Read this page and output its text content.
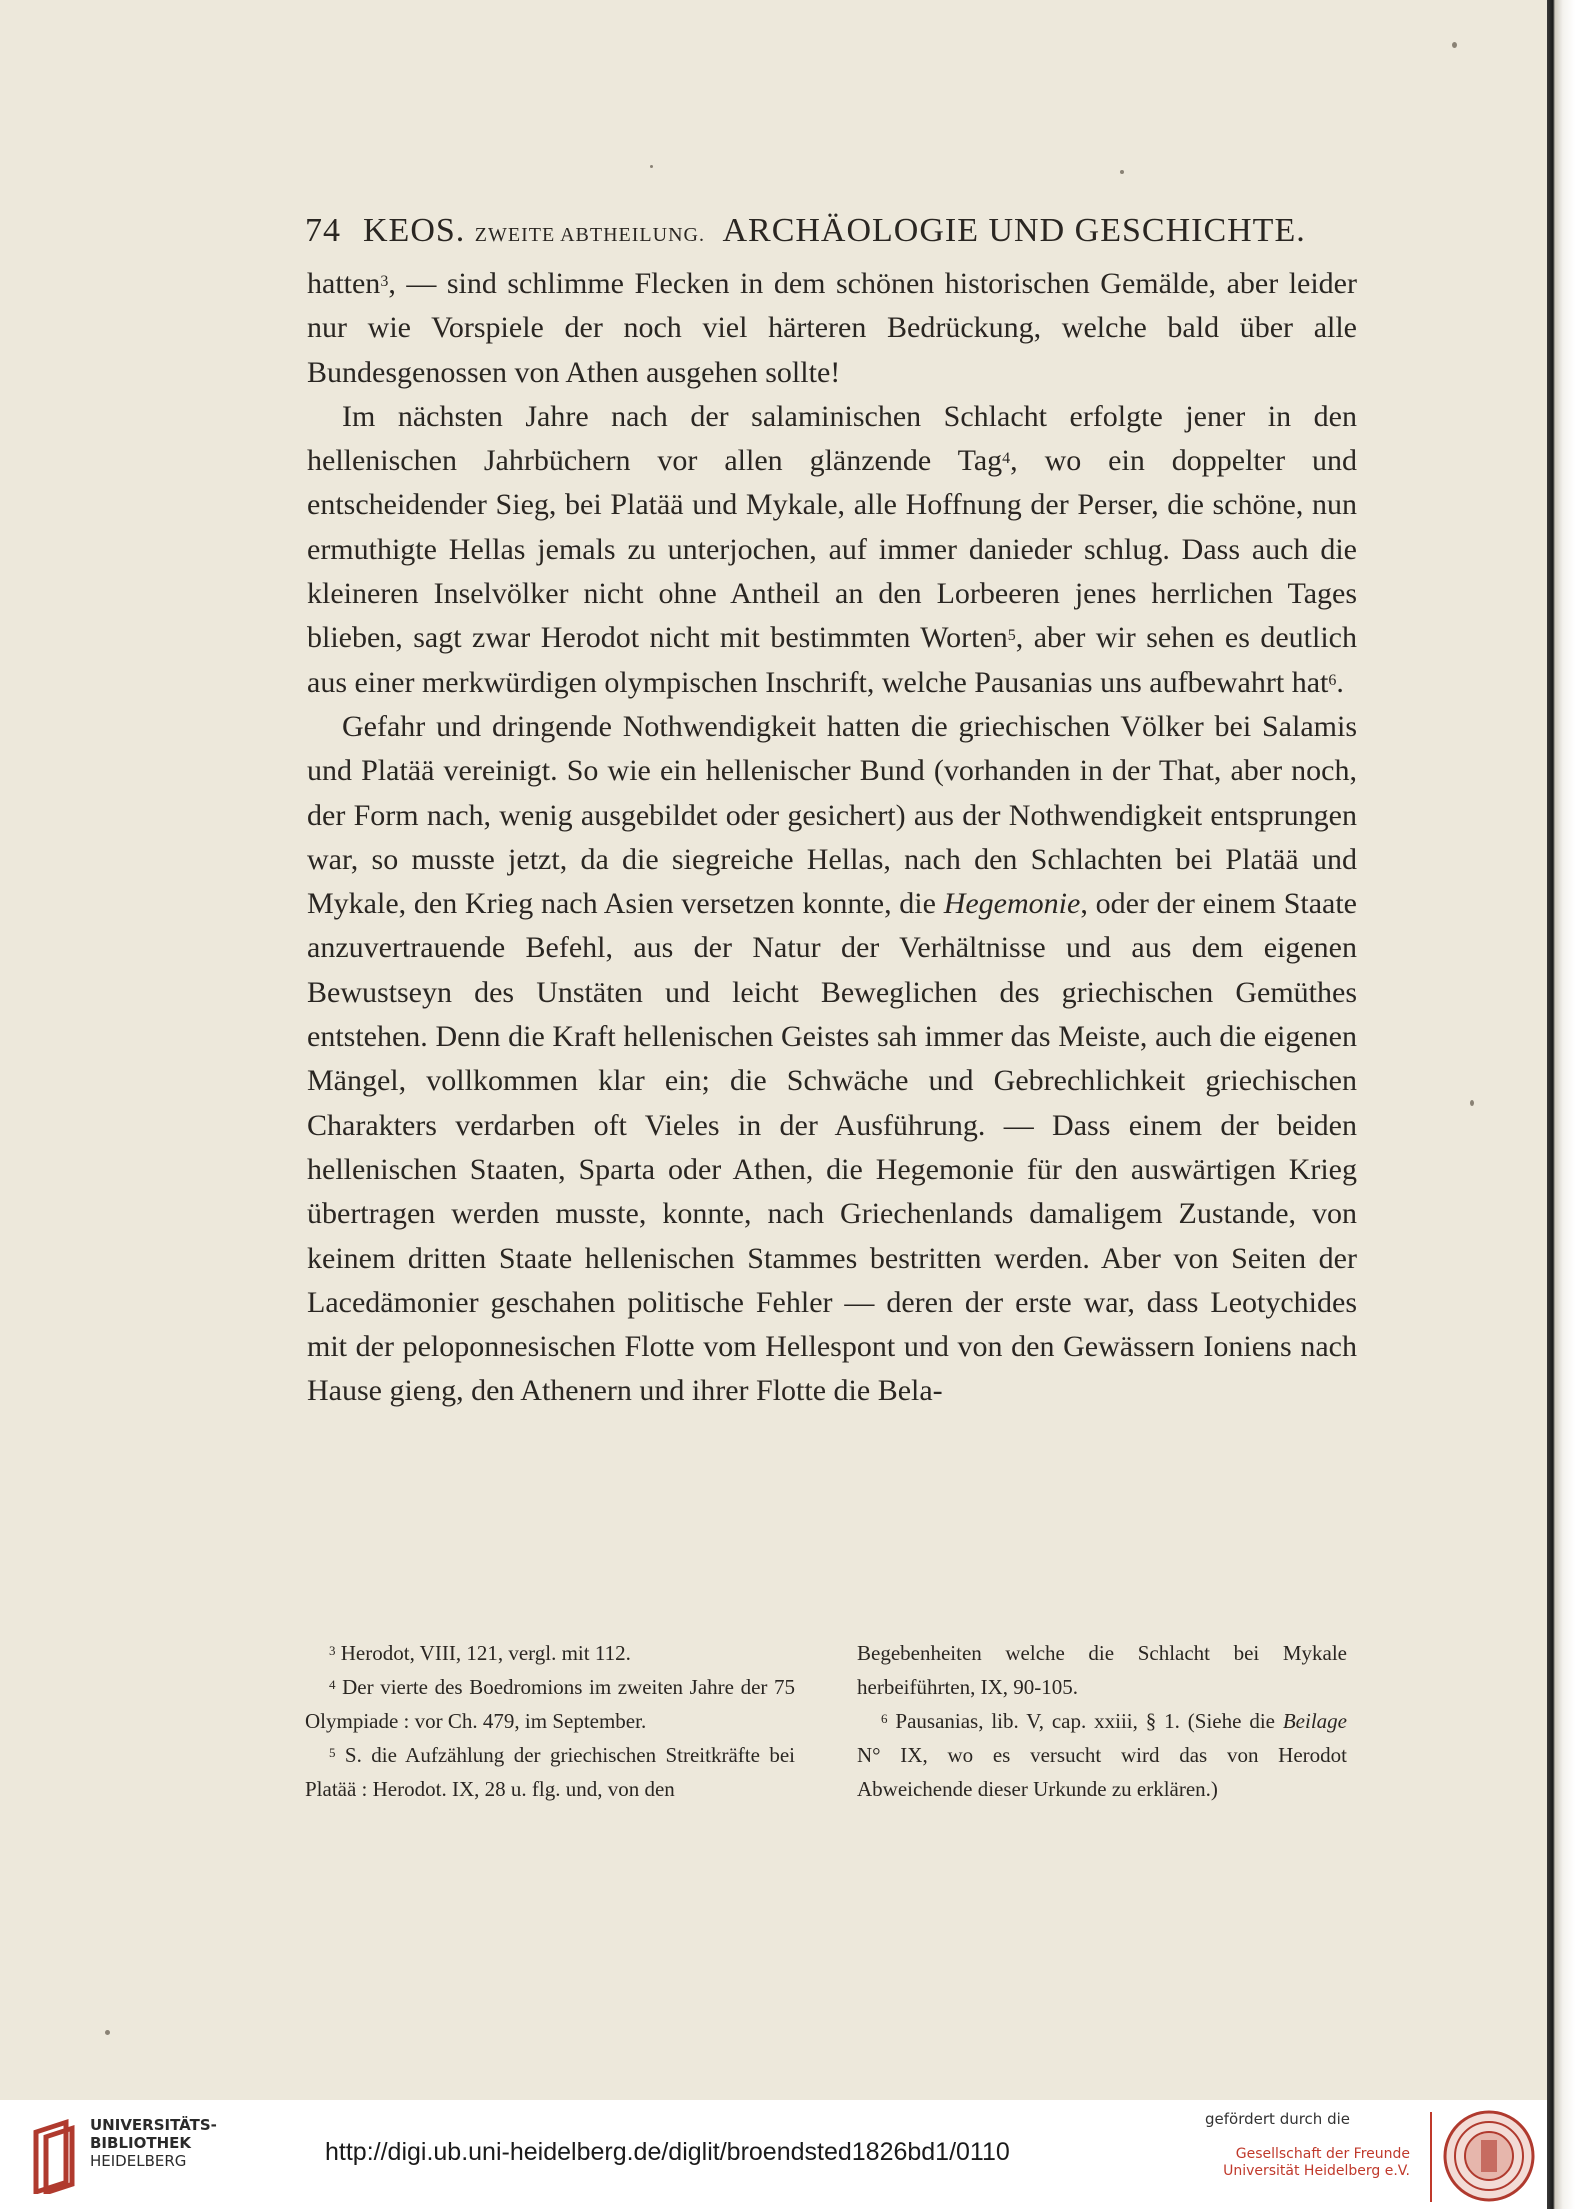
74 KEOS. ZWEITE ABTHEILUNG. ARCHÄOLOGIE UND GESCHICHTE.

hatten$^3$, — sind schlimme Flecken in dem schönen historischen Gemälde, aber leider nur wie Vorspiele der noch viel härteren Bedrückung, welche bald über alle Bundesgenossen von Athen ausgehen sollte!

Im nächsten Jahre nach der salaminischen Schlacht erfolgte jener in den hellenischen Jahrbüchern vor allen glänzende Tag$^4$, wo ein doppelter und entscheidender Sieg, bei Platää und Mykale, alle Hoffnung der Perser, die schöne, nun ermuthigte Hellas jemals zu unterjochen, auf immer danieder schlug. Dass auch die kleineren Inselvölker nicht ohne Antheil an den Lorbeeren jenes herrlichen Tages blieben, sagt zwar Herodot nicht mit bestimmten Worten$^5$, aber wir sehen es deutlich aus einer merkwürdigen olympischen Inschrift, welche Pausanias uns aufbewahrt hat$^6$.

Gefahr und dringende Nothwendigkeit hatten die griechischen Völker bei Salamis und Platää vereinigt. So wie ein hellenischer Bund (vorhanden in der That, aber noch, der Form nach, wenig ausgebildet oder gesichert) aus der Nothwendigkeit entsprungen war, so musste jetzt, da die siegreiche Hellas, nach den Schlachten bei Platää und Mykale, den Krieg nach Asien versetzen konnte, die Hegemonie, oder der einem Staate anzuvertrauende Befehl, aus der Natur der Verhältnisse und aus dem eigenen Bewustseyn des Unstäten und leicht Beweglichen des griechischen Gemüthes entstehen. Denn die Kraft hellenischen Geistes sah immer das Meiste, auch die eigenen Mängel, vollkommen klar ein; die Schwäche und Gebrechlichkeit griechischen Charakters verdarben oft Vieles in der Ausführung. — Dass einem der beiden hellenischen Staaten, Sparta oder Athen, die Hegemonie für den auswärtigen Krieg übertragen werden musste, konnte, nach Griechenlands damaligem Zustande, von keinem dritten Staate hellenischen Stammes bestritten werden. Aber von Seiten der Lacedämonier geschahen politische Fehler — deren der erste war, dass Leotychides mit der peloponnesischen Flotte vom Hellespont und von den Gewässern Ioniens nach Hause gieng, den Athenern und ihrer Flotte die Bela-

$^3$ Herodot, VIII, 121, vergl. mit 112.

$^4$ Der vierte des Boedromions im zweiten Jahre der 75 Olympiade : vor Ch. 479, im September.

$^5$ S. die Aufzählung der griechischen Streitkräfte bei Platää : Herodot. IX, 28 u. flg. und, von den

Begebenheiten welche die Schlacht bei Mykale herbeiführten, IX, 90-105.

$^6$ Pausanias, lib. V, cap. xxiii, § 1. (Siehe die Beilage N° IX, wo es versucht wird das von Herodot Abweichende dieser Urkunde zu erklären.)

UNIVERSITÄTS-
BIBLIOTHEK
HEIDELBERG	http://digi.ub.uni-heidelberg.de/diglit/broendsted1826bd1/0110
gefördert durch die
Gesellschaft der Freunde
Universität Heidelberg e.V.
